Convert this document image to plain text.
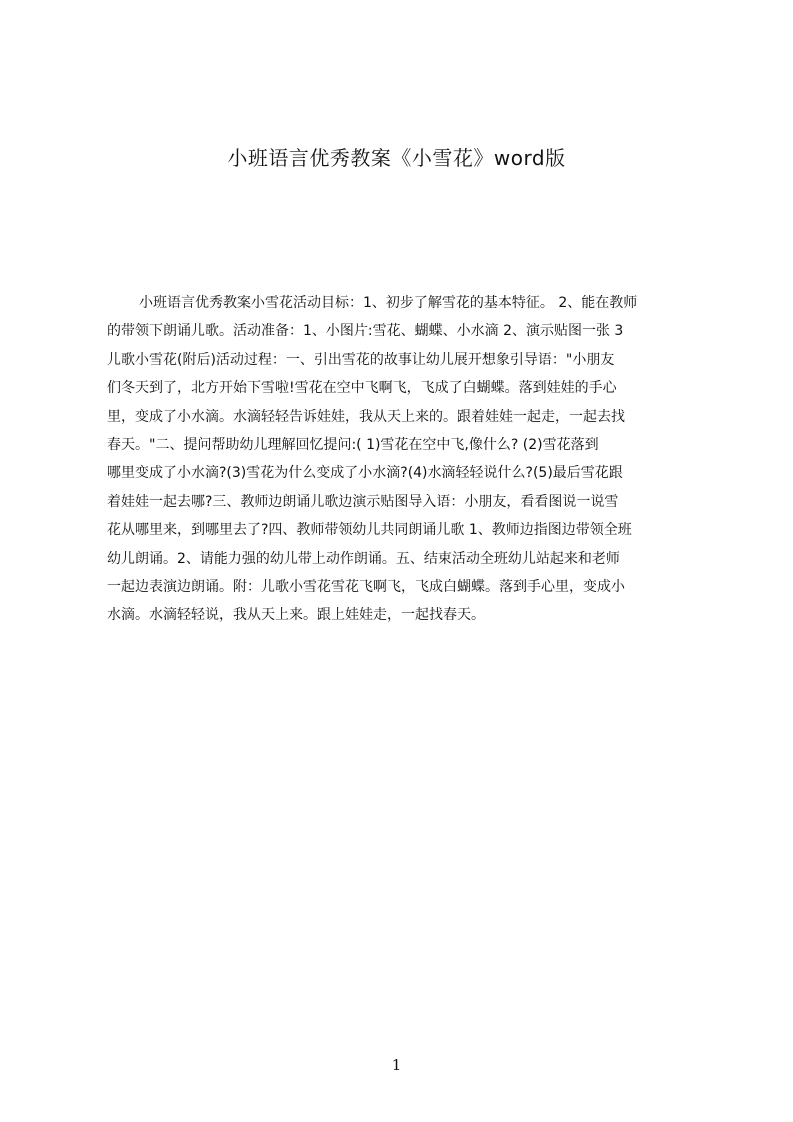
小班语言优秀教案《小雪花》word版
小班语言优秀教案小雪花活动目标：1、初步了解雪花的基本特征。 2、能在教师
的带领下朗诵儿歌。活动准备：1、小图片:雪花、蝴蝶、小水滴 2、演示贴图一张 3
儿歌小雪花(附后)活动过程：一、引出雪花的故事让幼儿展开想象引导语："小朋友
们冬天到了，北方开始下雪啦!雪花在空中飞啊飞，飞成了白蝴蝶。落到娃娃的手心
里，变成了小水滴。水滴轻轻告诉娃娃，我从天上来的。跟着娃娃一起走，一起去找
春天。"二、提问帮助幼儿理解回忆提问:( 1)雪花在空中飞,像什么? (2)雪花落到
哪里变成了小水滴?(3)雪花为什么变成了小水滴?(4)水滴轻轻说什么?(5)最后雪花跟
着娃娃一起去哪?三、教师边朗诵儿歌边演示贴图导入语：小朋友，看看图说一说雪
花从哪里来，到哪里去了?四、教师带领幼儿共同朗诵儿歌 1、教师边指图边带领全班
幼儿朗诵。2、请能力强的幼儿带上动作朗诵。五、结束活动全班幼儿站起来和老师
一起边表演边朗诵。附：儿歌小雪花雪花飞啊飞，飞成白蝴蝶。落到手心里，变成小
水滴。水滴轻轻说，我从天上来。跟上娃娃走，一起找春天。
1
